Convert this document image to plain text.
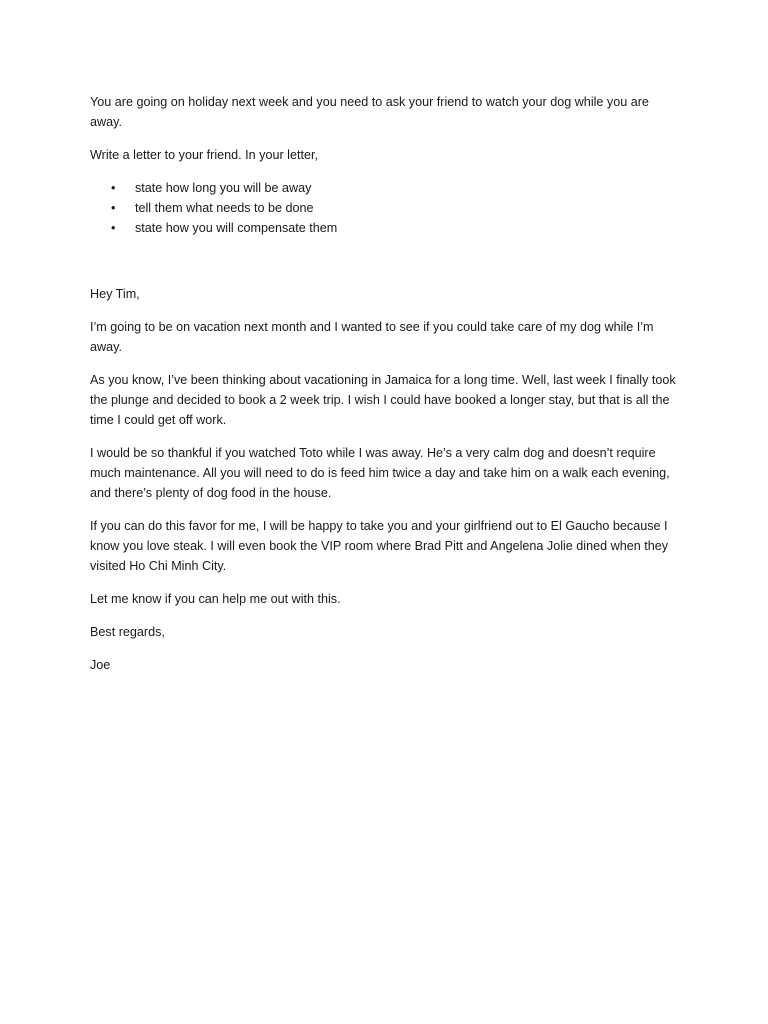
You are going on holiday next week and you need to ask your friend to watch your dog while you are away.

Write a letter to your friend. In your letter,

• state how long you will be away
• tell them what needs to be done
• state how you will compensate them

Hey Tim,

I’m going to be on vacation next month and I wanted to see if you could take care of my dog while I’m away.

As you know, I’ve been thinking about vacationing in Jamaica for a long time. Well, last week I finally took the plunge and decided to book a 2 week trip. I wish I could have booked a longer stay, but that is all the time I could get off work.

I would be so thankful if you watched Toto while I was away. He’s a very calm dog and doesn’t require much maintenance. All you will need to do is feed him twice a day and take him on a walk each evening, and there’s plenty of dog food in the house.

If you can do this favor for me, I will be happy to take you and your girlfriend out to El Gaucho because I know you love steak. I will even book the VIP room where Brad Pitt and Angelena Jolie dined when they visited Ho Chi Minh City.

Let me know if you can help me out with this.

Best regards,

Joe
